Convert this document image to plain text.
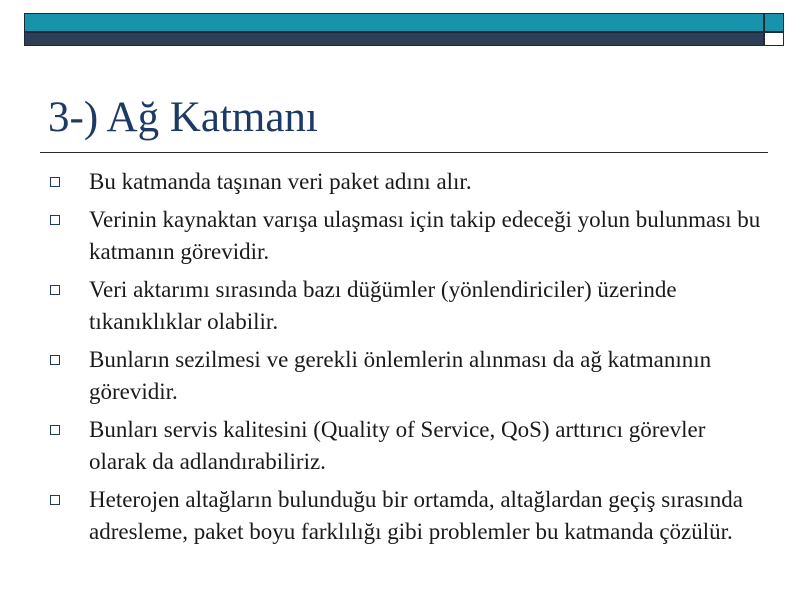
3-) Ağ Katmanı
Bu katmanda taşınan veri paket adını alır.
Verinin kaynaktan varışa ulaşması için takip edeceği yolun bulunması bu katmanın görevidir.
Veri aktarımı sırasında bazı düğümler (yönlendiriciler) üzerinde tıkanıklıklar olabilir.
Bunların sezilmesi ve gerekli önlemlerin alınması da ağ katmanının görevidir.
Bunları servis kalitesini (Quality of Service, QoS) arttırıcı görevler olarak da adlandırabiliriz.
Heterojen altağların bulunduğu bir ortamda, altağlardan geçiş sırasında adresleme, paket boyu farklılığı gibi problemler bu katmanda çözülür.
